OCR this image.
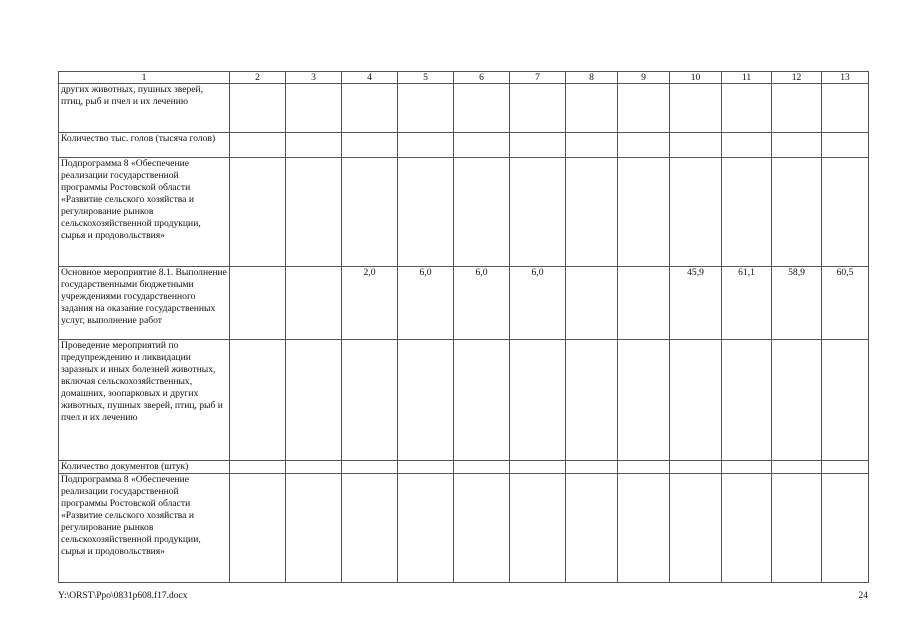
1	2	3	4	5	6	7	8	9	10	11	12	13
других животных, пушных зверей, птиц, рыб и пчел и их лечению												
Количество тыс. голов (тысяча голов)												
Подпрограмма 8 «Обеспечение реализации государственной программы Ростовской области «Развитие сельского хозяйства и регулирование рынков сельскохозяйственной продукции, сырья и продовольствия»												
Основное мероприятие 8.1. Выполнение государственными бюджетными учреждениями государственного задания на оказание государственных услуг, выполнение работ			2,0	6,0	6,0	6,0			45,9	61,1	58,9	60,5
Проведение мероприятий по предупреждению и ликвидации заразных и иных болезней животных, включая сельскохозяйственных, домашних, зоопарковых и других животных, пушных зверей, птиц, рыб и пчел и их лечению												
Количество документов (штук)												
Подпрограмма 8 «Обеспечение реализации государственной программы Ростовской области «Развитие сельского хозяйства и регулирование рынков сельскохозяйственной продукции, сырья и продовольствия»												
Y:\ORST\Ppo\0831p608.f17.docx	24
